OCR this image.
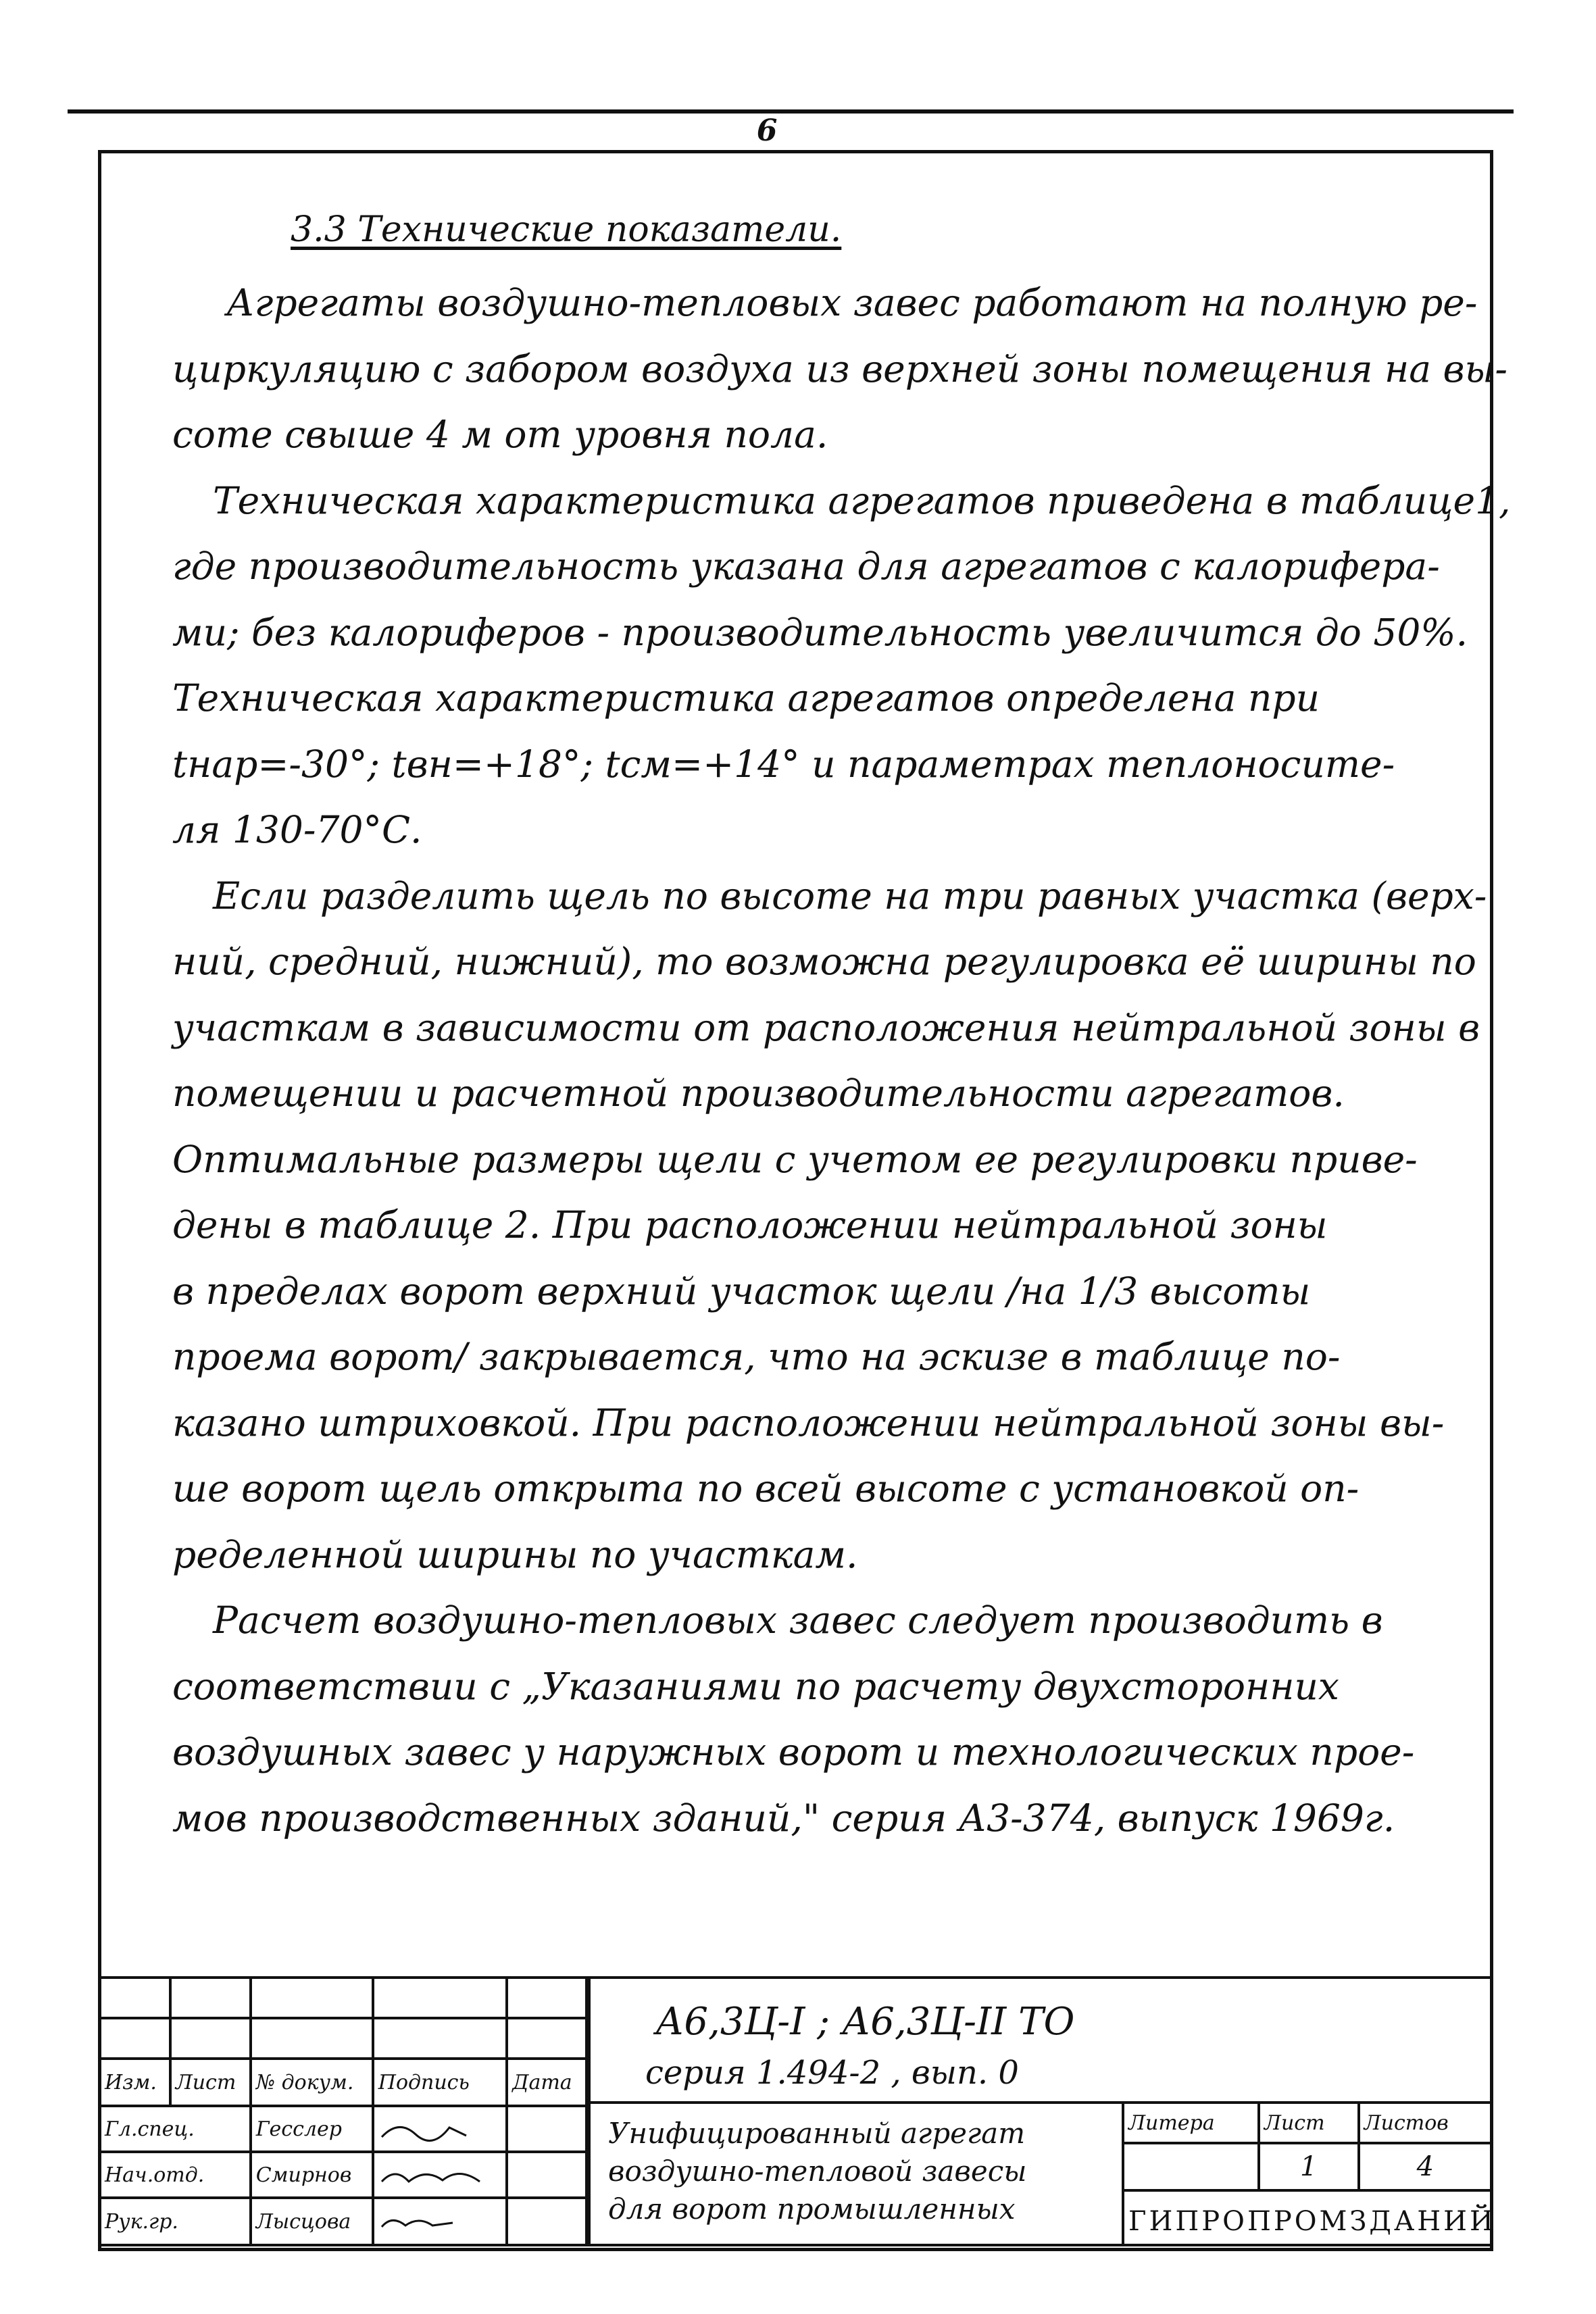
6
3.3 Технические показатели.
Агрегаты воздушно-тепловых завес работают на полную ре-
циркуляцию с забором воздуха из верхней зоны помещения на вы-
соте свыше 4 м от уровня пола.
Техническая характеристика агрегатов приведена в таблице1,
где производительность указана для агрегатов с калорифера-
ми; без калориферов - производительность увеличится до 50%.
Техническая характеристика агрегатов определена при
tнар=-30°; tвн=+18°; tсм=+14° и параметрах теплоносите-
ля 130-70°С.
Если разделить щель по высоте на три равных участка (верх-
ний, средний, нижний), то возможна регулировка её ширины по
участкам в зависимости от расположения нейтральной зоны в
помещении и расчетной производительности агрегатов.
Оптимальные размеры щели с учетом ее регулировки приве-
дены в таблице 2. При расположении нейтральной зоны
в пределах ворот верхний участок щели /на 1/3 высоты
проема ворот/ закрывается, что на эскизе в таблице по-
казано штриховкой. При расположении нейтральной зоны вы-
ше ворот щель открыта по всей высоте с установкой оп-
ределенной ширины по участкам.
Расчет воздушно-тепловых завес следует производить в
соответствии с „Указаниями по расчету двухсторонних
воздушных завес у наружных ворот и технологических прое-
мов производственных зданий," серия А3-374, выпуск 1969г.

Изм.	Лист	№ докум.	Подпись	Дата
Гл.спец.		Гесслер	

Нач.отд.		Смирнов	

Рук.гр.		Лысцова	

А6,3Ц-I ; А6,3Ц-II ТО
серия 1.494-2 , вып. 0
Унифицированный агрегат
воздушно-тепловой завесы
для ворот промышленных
Литера	Лист	Листов
	1	4
ГИПРОПРОМЗДАНИЙ
